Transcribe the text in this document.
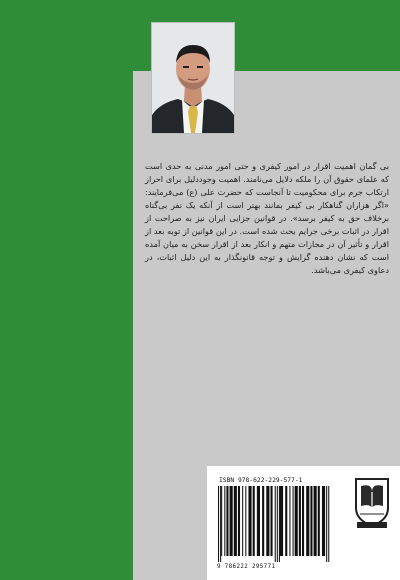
بی گمان اهمیت اقرار در امور کیفری و حتی امور مدنی به حدی است که علمای حقوق آن را ملکه دلایل می‌نامند. اهمیت وجوددلیل برای احراز ارتکاب جرم برای محکومیت تا آنجاست که حضرت علی (ع) می‌فرمایند: «اگر هزاران گناهکار بی کیفر بمانند بهتر است از آنکه یک نفر بی‌گناه برخلاف حق به کیفر برسد». در قوانین جزایی ایران نیز به صراحت از اقرار در اثبات برخی جرایم بحث شده است. در این قوانین از توبه بعد از اقرار و تأثیر آن در مجازات متهم و انکار بعد از اقرار سخن به میان آمده است که نشان دهنده گرایش و توجه قانونگذار به این دلیل اثبات، در دعاوی کیفری می‌باشد.
ISBN 978-622-229-577-1
9 786222 295771
